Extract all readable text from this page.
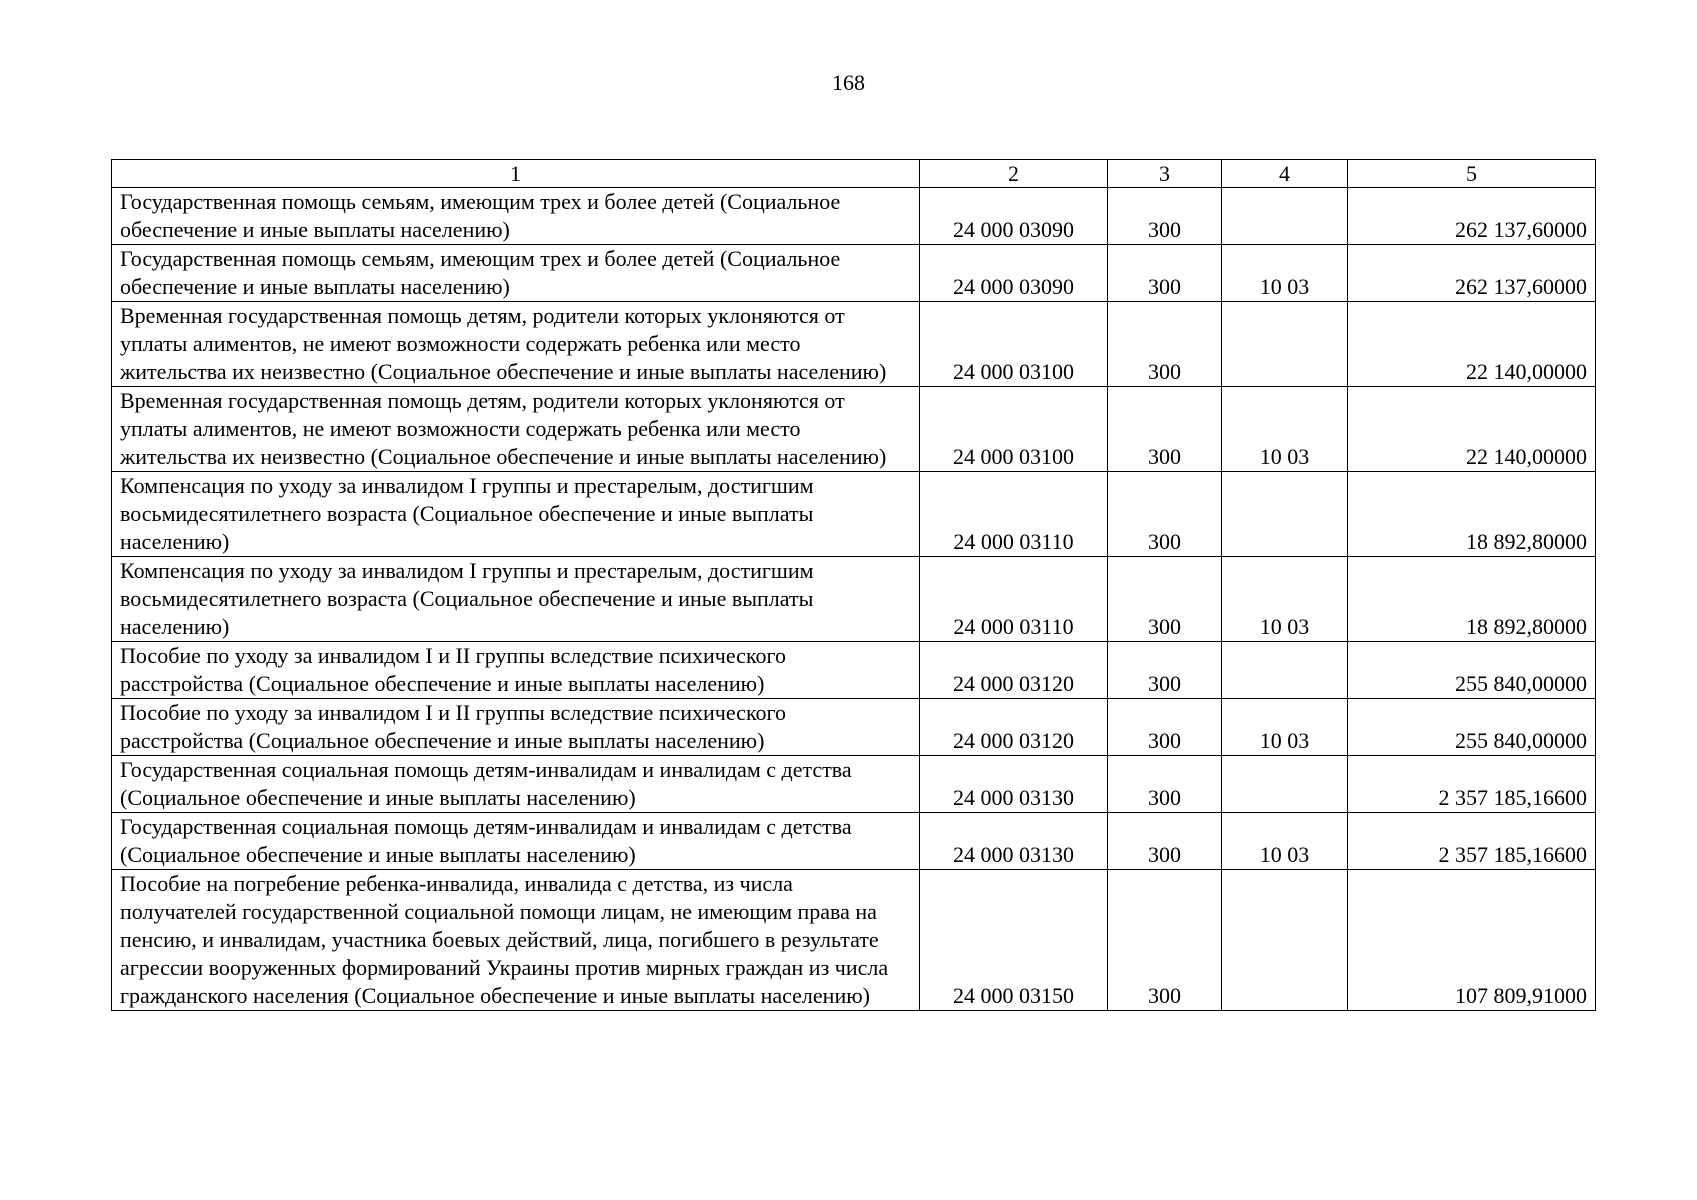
168
1	2	3	4	5
Государственная помощь семьям, имеющим трех и более детей (Социальное обеспечение и иные выплаты населению)	24 000 03090	300		262 137,60000
Государственная помощь семьям, имеющим трех и более детей (Социальное обеспечение и иные выплаты населению)	24 000 03090	300	10 03	262 137,60000
Временная государственная помощь детям, родители которых уклоняются от уплаты алиментов, не имеют возможности содержать ребенка или место жительства их неизвестно (Социальное обеспечение и иные выплаты населению)	24 000 03100	300		22 140,00000
Временная государственная помощь детям, родители которых уклоняются от уплаты алиментов, не имеют возможности содержать ребенка или место жительства их неизвестно (Социальное обеспечение и иные выплаты населению)	24 000 03100	300	10 03	22 140,00000
Компенсация по уходу за инвалидом I группы и престарелым, достигшим восьмидесятилетнего возраста (Социальное обеспечение и иные выплаты населению)	24 000 03110	300		18 892,80000
Компенсация по уходу за инвалидом I группы и престарелым, достигшим восьмидесятилетнего возраста (Социальное обеспечение и иные выплаты населению)	24 000 03110	300	10 03	18 892,80000
Пособие по уходу за инвалидом I и II группы вследствие психического расстройства (Социальное обеспечение и иные выплаты населению)	24 000 03120	300		255 840,00000
Пособие по уходу за инвалидом I и II группы вследствие психического расстройства (Социальное обеспечение и иные выплаты населению)	24 000 03120	300	10 03	255 840,00000
Государственная социальная помощь детям-инвалидам и инвалидам с детства (Социальное обеспечение и иные выплаты населению)	24 000 03130	300		2 357 185,16600
Государственная социальная помощь детям-инвалидам и инвалидам с детства (Социальное обеспечение и иные выплаты населению)	24 000 03130	300	10 03	2 357 185,16600
Пособие на погребение ребенка-инвалида, инвалида с детства, из числа получателей государственной социальной помощи лицам, не имеющим права на пенсию, и инвалидам, участника боевых действий, лица, погибшего в результате агрессии вооруженных формирований Украины против мирных граждан из числа гражданского населения (Социальное обеспечение и иные выплаты населению)	24 000 03150	300		107 809,91000
